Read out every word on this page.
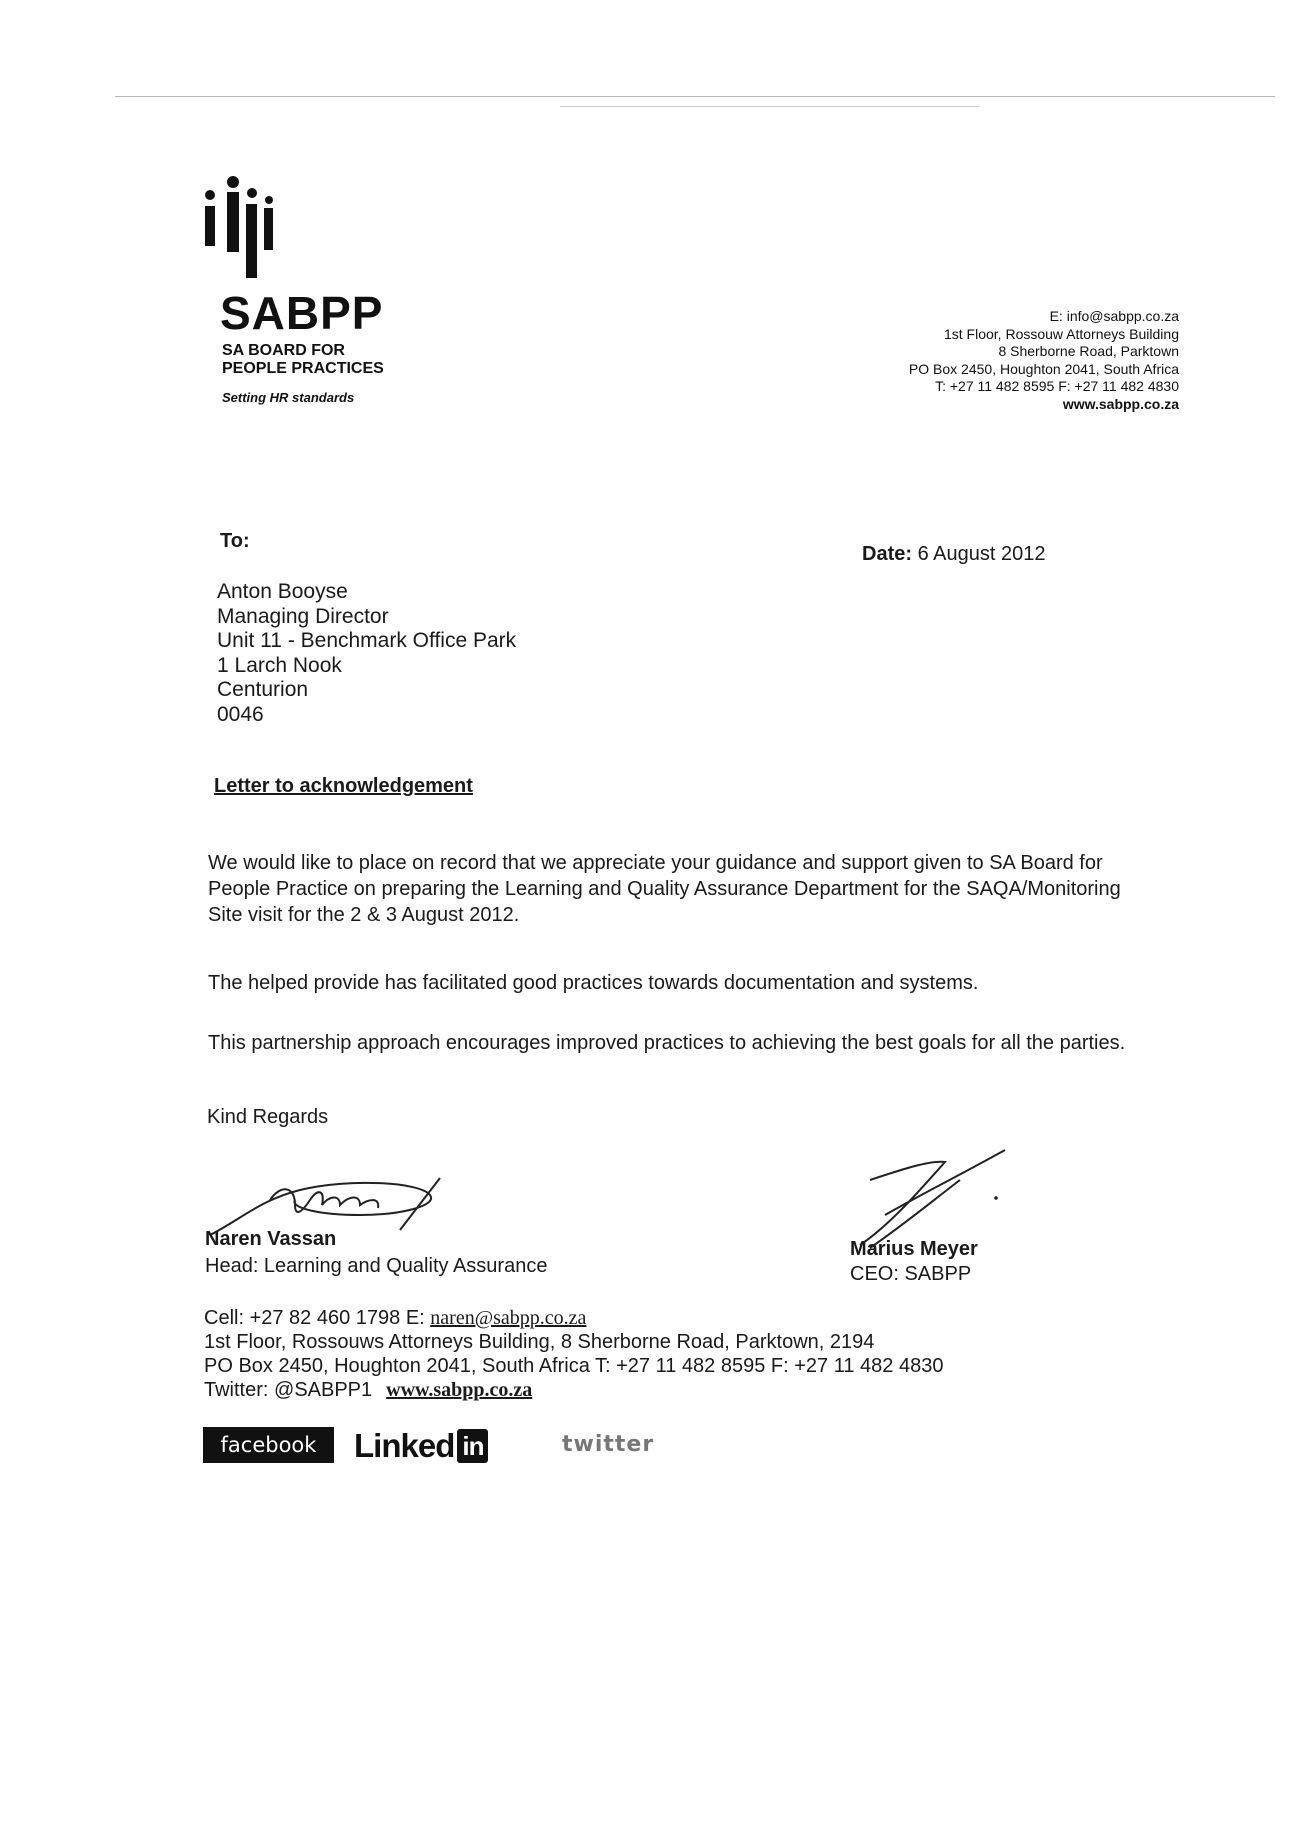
SABPP
SA BOARD FOR
PEOPLE PRACTICES
Setting HR standards
E: info@sabpp.co.za
1st Floor, Rossouw Attorneys Building
8 Sherborne Road, Parktown
PO Box 2450, Houghton 2041, South Africa
T: +27 11 482 8595 F: +27 11 482 4830
www.sabpp.co.za
To:
Date: 6 August 2012
Anton Booyse
Managing Director
Unit 11 - Benchmark Office Park
1 Larch Nook
Centurion
0046
Letter to acknowledgement
We would like to place on record that we appreciate your guidance and support given to SA Board for People Practice on preparing the Learning and Quality Assurance Department for the SAQA/Monitoring Site visit for the 2 & 3 August 2012.
The helped provide has facilitated good practices towards documentation and systems.
This partnership approach encourages improved practices to achieving the best goals for all the parties.
Kind Regards
Naren Vassan
Head: Learning and Quality Assurance
Marius Meyer
CEO: SABPP
Cell: +27 82 460 1798 E: naren@sabpp.co.za
1st Floor, Rossouws Attorneys Building, 8 Sherborne Road, Parktown, 2194
PO Box 2450, Houghton 2041, South Africa T: +27 11 482 8595 F: +27 11 482 4830
Twitter: @SABPP1 www.sabpp.co.za
facebook	Linked in	twitter
